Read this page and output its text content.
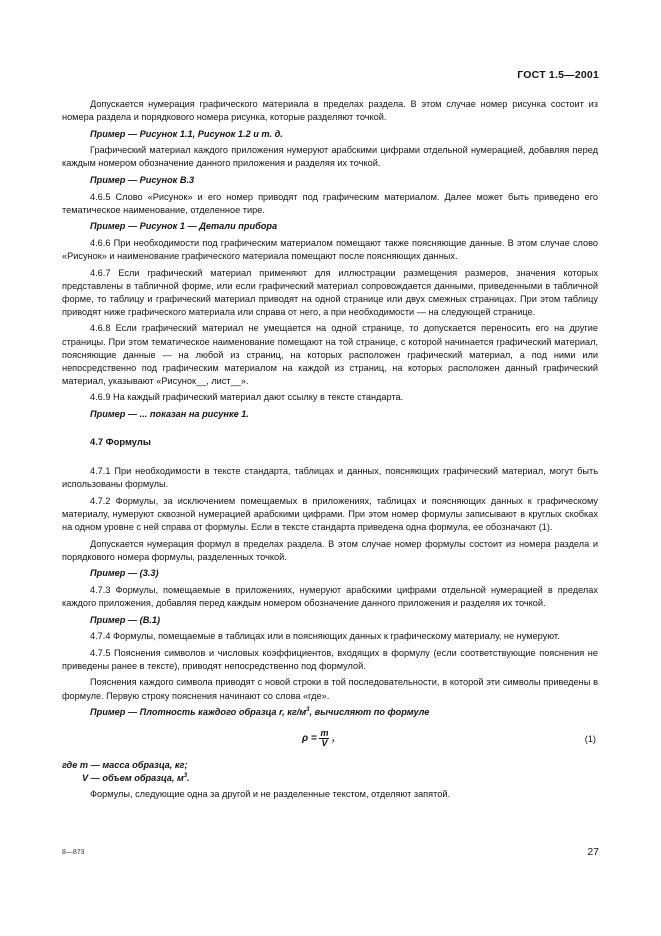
ГОСТ 1.5—2001

Допускается нумерация графического материала в пределах раздела. В этом случае номер рисунка состоит из номера раздела и порядкового номера рисунка, которые разделяют точкой.

Пример — Рисунок 1.1, Рисунок 1.2 и т. д.

Графический материал каждого приложения нумеруют арабскими цифрами отдельной нумерацией, добавляя перед каждым номером обозначение данного приложения и разделяя их точкой.

Пример — Рисунок В.3

4.6.5 Слово «Рисунок» и его номер приводят под графическим материалом. Далее может быть приведено его тематическое наименование, отделенное тире.

Пример — Рисунок 1 — Детали прибора

4.6.6 При необходимости под графическим материалом помещают также поясняющие данные. В этом случае слово «Рисунок» и наименование графического материала помещают после поясняющих данных.

4.6.7 Если графический материал применяют для иллюстрации размещения размеров, значения которых представлены в табличной форме, или если графический материал сопровождается данными, приведенными в табличной форме, то таблицу и графический материал приводят на одной странице или двух смежных страницах. При этом таблицу приводят ниже графического материала или справа от него, а при необходимости — на следующей странице.

4.6.8 Если графический материал не умещается на одной странице, то допускается переносить его на другие страницы. При этом тематическое наименование помещают на той странице, с которой начинается графический материал, поясняющие данные — на любой из страниц, на которых расположен графический материал, а под ними или непосредственно под графическим материалом на каждой из страниц, на которых расположен данный графический материал, указывают «Рисунок__, лист__».

4.6.9 На каждый графический материал дают ссылку в тексте стандарта.

Пример — ... показан на рисунке 1.

4.7 Формулы

4.7.1 При необходимости в тексте стандарта, таблицах и данных, поясняющих графический материал, могут быть использованы формулы.

4.7.2 Формулы, за исключением помещаемых в приложениях, таблицах и поясняющих данных к графическому материалу, нумеруют сквозной нумерацией арабскими цифрами. При этом номер формулы записывают в круглых скобках на одном уровне с ней справа от формулы. Если в тексте стандарта приведена одна формула, ее обозначают (1).

Допускается нумерация формул в пределах раздела. В этом случае номер формулы состоит из номера раздела и порядкового номера формулы, разделенных точкой.

Пример — (3.3)

4.7.3 Формулы, помещаемые в приложениях, нумеруют арабскими цифрами отдельной нумерацией в пределах каждого приложения, добавляя перед каждым номером обозначение данного приложения и разделяя их точкой.

Пример — (В.1)

4.7.4 Формулы, помещаемые в таблицах или в поясняющих данных к графическому материалу, не нумеруют.

4.7.5 Пояснения символов и числовых коэффициентов, входящих в формулу (если соответствующие пояснения не приведены ранее в тексте), приводят непосредственно под формулой.

Пояснения каждого символа приводят с новой строки в той последовательности, в которой эти символы приведены в формуле. Первую строку пояснения начинают со слова «где».

Пример — Плотность каждого образца r, $кг/м^3$, вычисляют по формуле

$\rho = \frac{m}{V}$ ,	(1)

где m — масса образца, кг;

V — объем образца, $м^3$.

Формулы, следующие одна за другой и не разделенные текстом, отделяют запятой.

8—873	27
